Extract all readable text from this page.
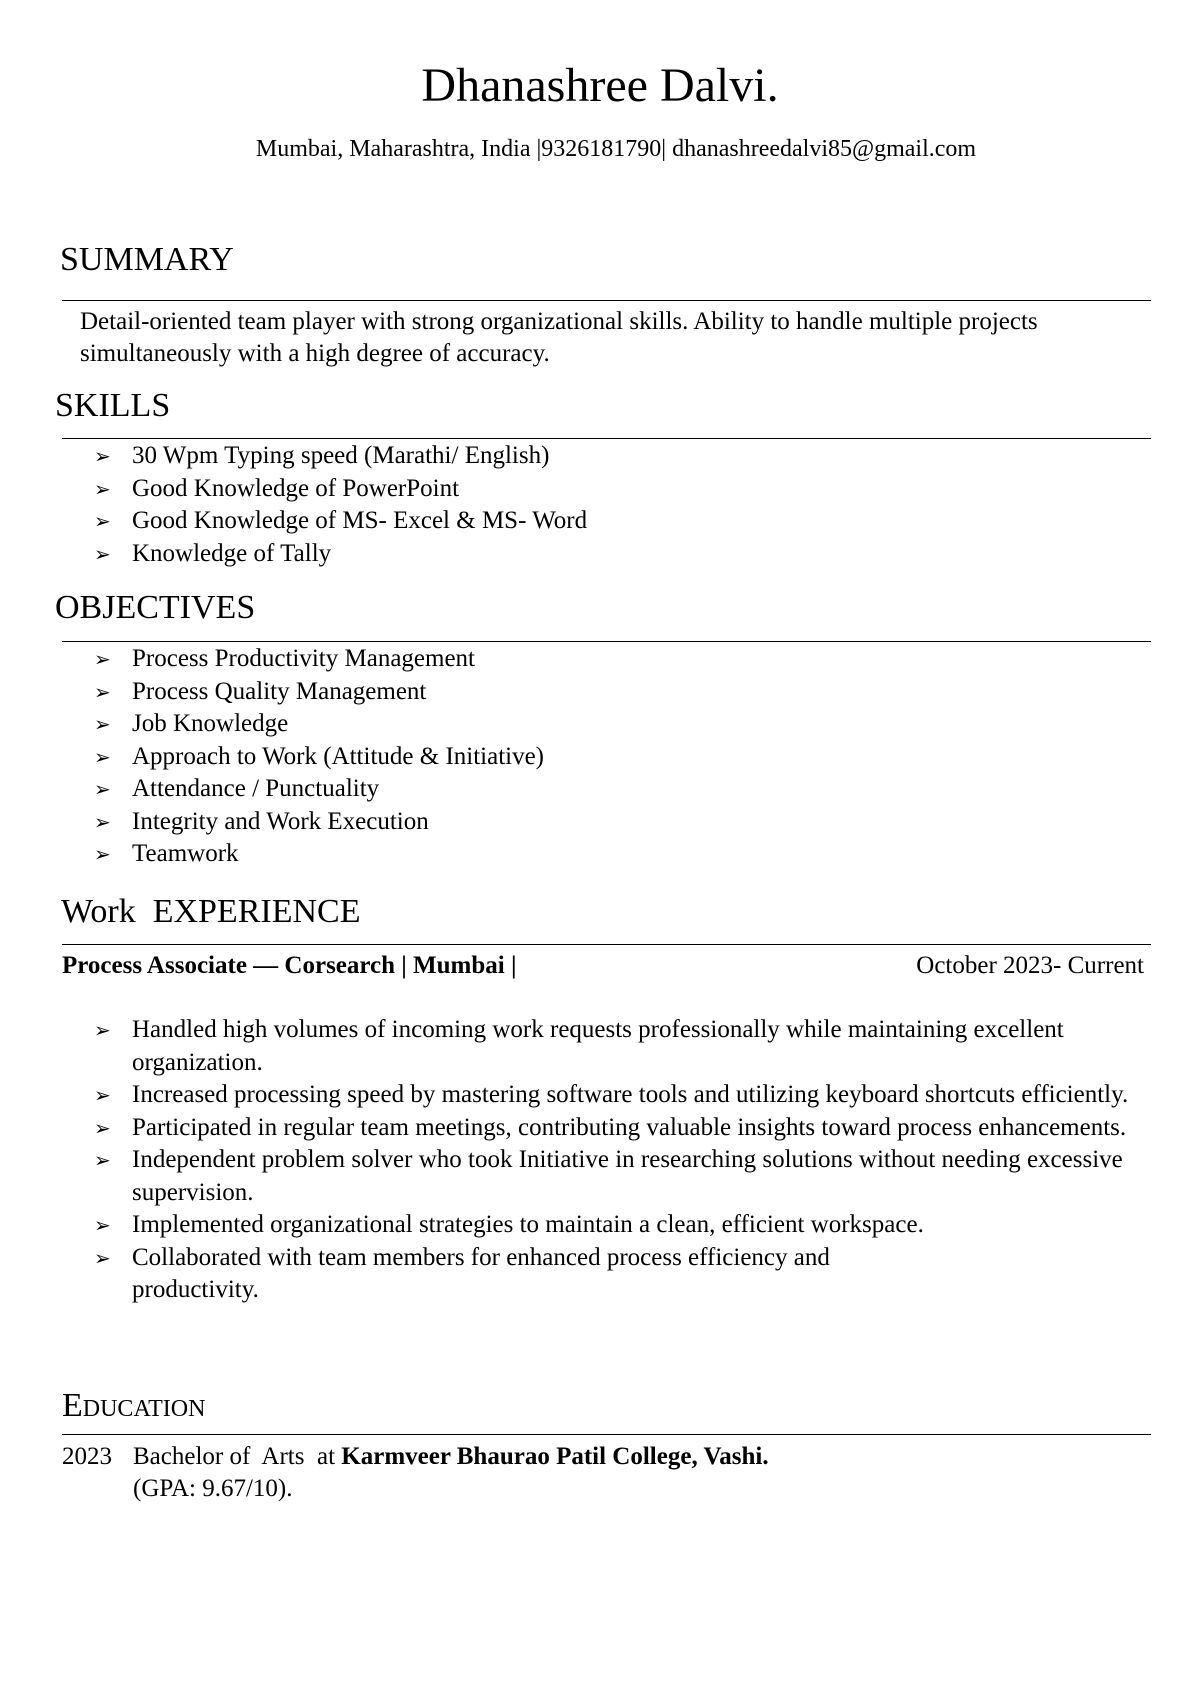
Dhanashree Dalvi.
Mumbai, Maharashtra, India |9326181790| dhanashreedalvi85@gmail.com
SUMMARY
Detail-oriented team player with strong organizational skills. Ability to handle multiple projects simultaneously with a high degree of accuracy.
SKILLS
➢ 30 Wpm Typing speed (Marathi/ English)
➢ Good Knowledge of PowerPoint
➢ Good Knowledge of MS- Excel & MS- Word
➢ Knowledge of Tally
OBJECTIVES
➢ Process Productivity Management
➢ Process Quality Management
➢ Job Knowledge
➢ Approach to Work (Attitude & Initiative)
➢ Attendance / Punctuality
➢ Integrity and Work Execution
➢ Teamwork
Work  EXPERIENCE
Process Associate — Corsearch | Mumbai |	October 2023- Current
➢ Handled high volumes of incoming work requests professionally while maintaining excellent organization.
➢ Increased processing speed by mastering software tools and utilizing keyboard shortcuts efficiently.
➢ Participated in regular team meetings, contributing valuable insights toward process enhancements.
➢ Independent problem solver who took Initiative in researching solutions without needing excessive supervision.
➢ Implemented organizational strategies to maintain a clean, efficient workspace.
➢ Collaborated with team members for enhanced process efficiency and productivity.
Education
2023 Bachelor of  Arts  at Karmveer Bhaurao Patil College, Vashi.
(GPA: 9.67/10).
